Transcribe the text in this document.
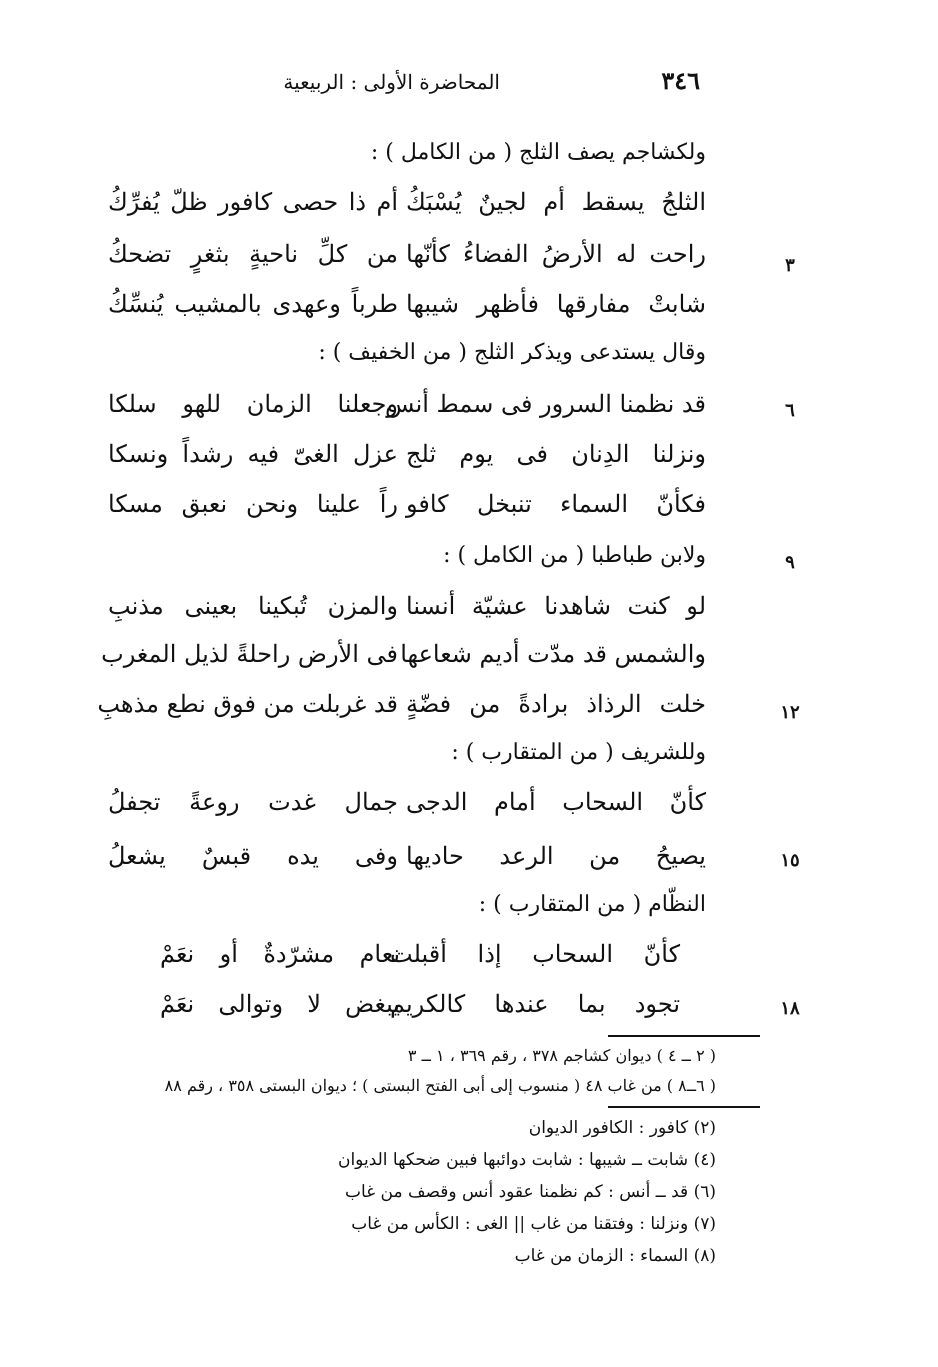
٣٤٦
المحاضرة الأولى : الربيعية
ولكشاجم يصف الثلج ( من الكامل ) :
الثلجُ يسقط أم لجينٌ يُسْبَكُ
أم ذا حصى كافور ظلّ يُفرِّكُ
راحت له الأرضُ الفضاءُ كأنّها
من كلِّ ناحيةٍ بثغرٍ تضحكُ	٣
شابتْ مفارقها فأظهر شيبها
طرباً وعهدى بالمشيب يُنسِّكُ
وقال يستدعى ويذكر الثلج ( من الخفيف ) :
قد نظمنا السرور فى سمط أنس
وجعلنا الزمان للهو سلكا	٦
ونزلنا الدِنان فى يوم ثلج
عزل الغىّ فيه رشداً ونسكا
فكأنّ السماء تنبخل كافو
راً علينا ونحن نعبق مسكا
ولابن طباطبا ( من الكامل ) :	٩
لو كنت شاهدنا عشيّة أنسنا
والمزن تُبكينا بعينى مذنبِ
والشمس قد مدّت أديم شعاعها
فى الأرض راحلةً لذيل المغرب
خلت الرذاذ برادةً من فضّةٍ
قد غربلت من فوق نطع مذهبِ	١٢
وللشريف ( من المتقارب ) :
كأنّ السحاب أمام الدجى
جمال غدت روعةً تجفلُ
يصيحُ من الرعد حاديها
وفى يده قبسٌ يشعلُ	١٥
النظّام ( من المتقارب ) :
كأنّ السحاب إذا أقبلت
نعام مشرّدةٌ أو نعَمْ
تجود بما عندها كالكريم
يبغض لا وتوالى نعَمْ	١٨
( ٢ ــ ٤ ) ديوان كشاجم ٣٧٨ ، رقم ٣٦٩ ، ١ ــ ٣
( ٦ــ٨ ) من غاب ٤٨ ( منسوب إلى أبى الفتح البستى ) ؛ ديوان البستى ٣٥٨ ، رقم ٨٨
(٢) كافور : الكافور الديوان
(٤) شابت ــ شيبها : شابت دوائبها فبين ضحكها الديوان
(٦) قد ــ أنس : كم نظمنا عقود أنس وقصف من غاب
(٧) ونزلنا : وفتقنا من غاب || الغى : الكأس من غاب
(٨) السماء : الزمان من غاب
